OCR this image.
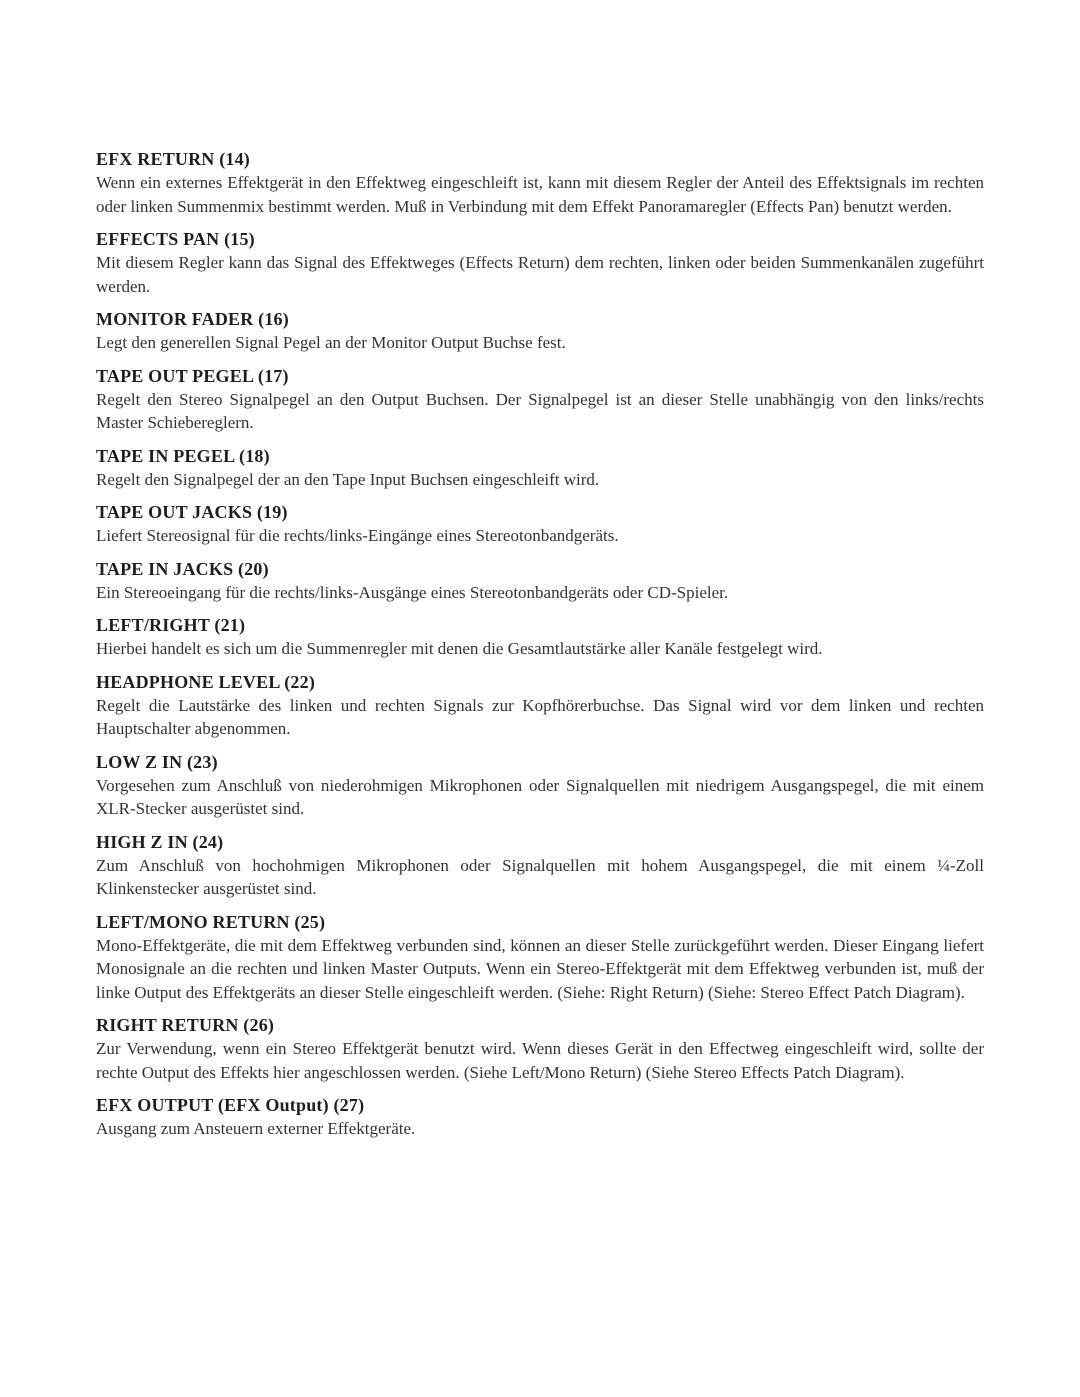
EFX RETURN (14)
Wenn ein externes Effektgerät in den Effektweg eingeschleift ist, kann mit diesem Regler der Anteil des Effektsignals im rechten oder linken Summenmix bestimmt werden. Muß in Verbindung mit dem Effekt Panoramaregler (Effects Pan) benutzt werden.
EFFECTS PAN (15)
Mit diesem Regler kann das Signal des Effektweges (Effects Return) dem rechten, linken oder beiden Summenkanälen zugeführt werden.
MONITOR FADER (16)
Legt den generellen Signal Pegel an der Monitor Output Buchse fest.
TAPE OUT PEGEL (17)
Regelt den Stereo Signalpegel an den Output Buchsen. Der Signalpegel ist an dieser Stelle unabhängig von den links/rechts Master Schiebereglern.
TAPE IN PEGEL (18)
Regelt den Signalpegel der an den Tape Input Buchsen eingeschleift wird.
TAPE OUT JACKS (19)
Liefert Stereosignal für die rechts/links-Eingänge eines Stereotonbandgeräts.
TAPE IN JACKS (20)
Ein Stereoeingang für die rechts/links-Ausgänge eines Stereotonbandgeräts oder CD-Spieler.
LEFT/RIGHT (21)
Hierbei handelt es sich um die Summenregler mit denen die Gesamtlautstärke aller Kanäle festgelegt wird.
HEADPHONE LEVEL (22)
Regelt die Lautstärke des linken und rechten Signals zur Kopfhörerbuchse. Das Signal wird vor dem linken und rechten Hauptschalter abgenommen.
LOW Z IN (23)
Vorgesehen zum Anschluß von niederohmigen Mikrophonen oder Signalquellen mit niedrigem Ausgangspegel, die mit einem XLR-Stecker ausgerüstet sind.
HIGH Z IN (24)
Zum Anschluß von hochohmigen Mikrophonen oder Signalquellen mit hohem Ausgangspegel, die mit einem ¼-Zoll Klinkenstecker ausgerüstet sind.
LEFT/MONO RETURN (25)
Mono-Effektgeräte, die mit dem Effektweg verbunden sind, können an dieser Stelle zurückgeführt werden. Dieser Eingang liefert Monosignale an die rechten und linken Master Outputs. Wenn ein Stereo-Effektgerät mit dem Effektweg verbunden ist, muß der linke Output des Effektgeräts an dieser Stelle eingeschleift werden. (Siehe: Right Return) (Siehe: Stereo Effect Patch Diagram).
RIGHT RETURN (26)
Zur Verwendung, wenn ein Stereo Effektgerät benutzt wird. Wenn dieses Gerät in den Effectweg eingeschleift wird, sollte der rechte Output des Effekts hier angeschlossen werden. (Siehe Left/Mono Return) (Siehe Stereo Effects Patch Diagram).
EFX OUTPUT (EFX Output) (27)
Ausgang zum Ansteuern externer Effektgeräte.
